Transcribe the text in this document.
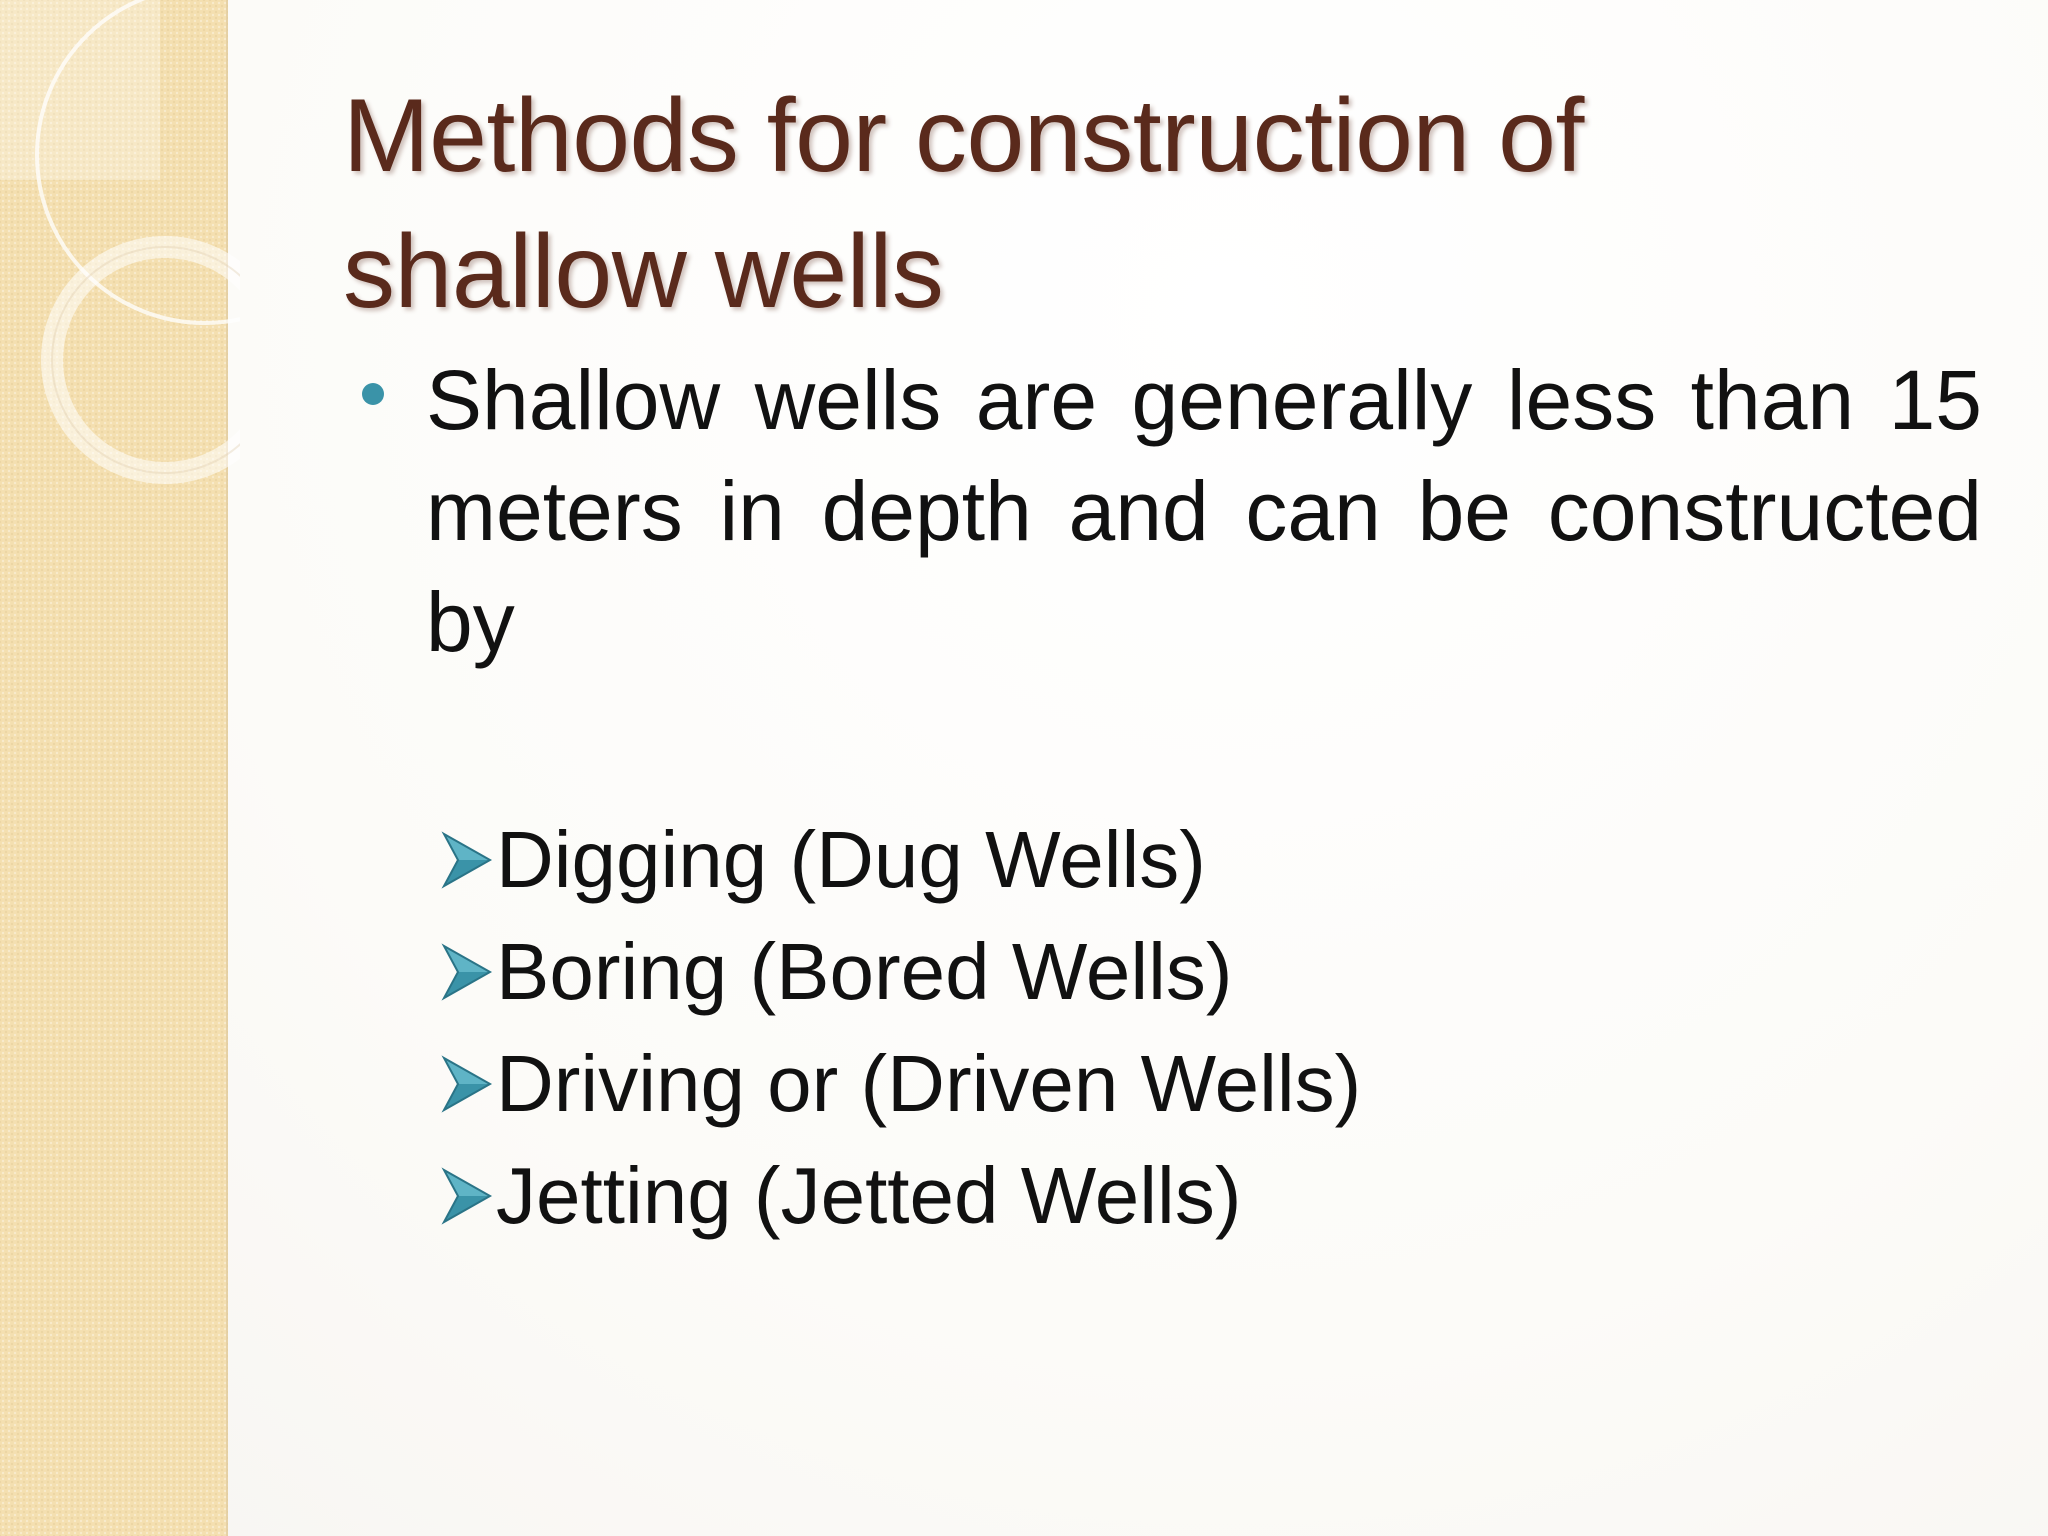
Methods for construction of shallow wells
Shallow wells are generally less than 15 meters in depth and can be constructed by
Digging (Dug Wells)
Boring (Bored Wells)
Driving or (Driven Wells)
Jetting (Jetted Wells)
